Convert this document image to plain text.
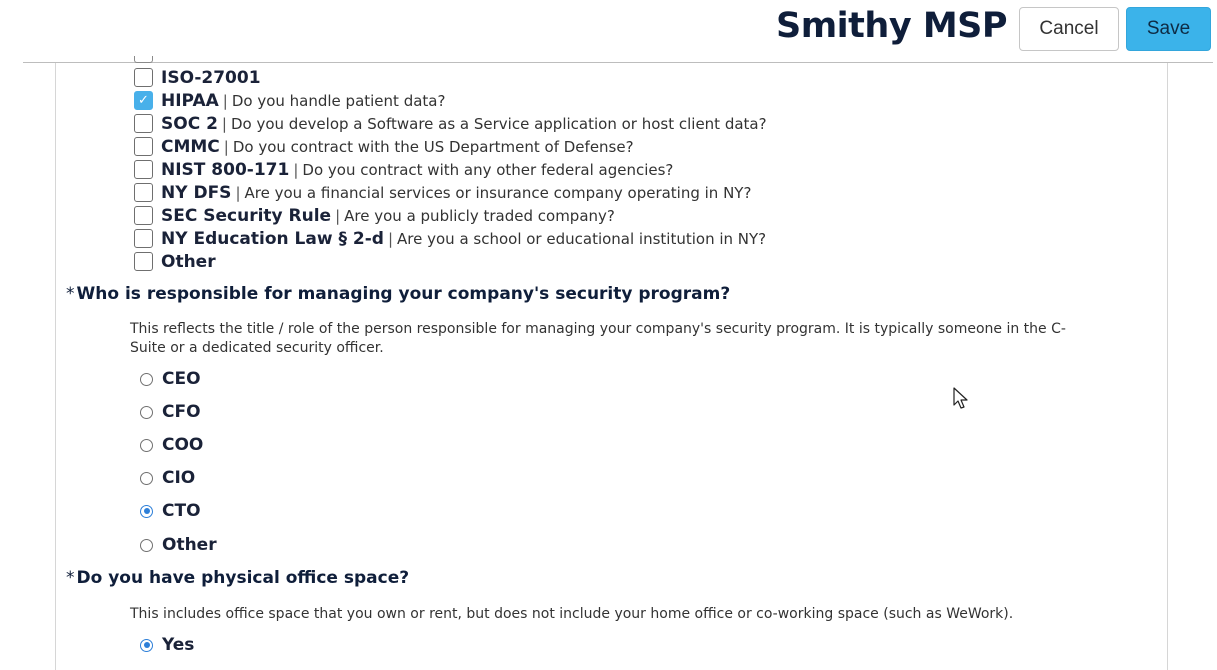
Smithy MSP	Cancel	Save
ISO-27001
✓ HIPAA | Do you handle patient data?
SOC 2 | Do you develop a Software as a Service application or host client data?
CMMC | Do you contract with the US Department of Defense?
NIST 800-171 | Do you contract with any other federal agencies?
NY DFS | Are you a financial services or insurance company operating in NY?
SEC Security Rule | Are you a publicly traded company?
NY Education Law § 2-d | Are you a school or educational institution in NY?
Other
* Who is responsible for managing your company's security program?
This reflects the title / role of the person responsible for managing your company's security program. It is typically someone in the C-Suite or a dedicated security officer.
CEO
CFO
COO
CIO
CTO
Other
* Do you have physical office space?
This includes office space that you own or rent, but does not include your home office or co-working space (such as WeWork).
Yes
